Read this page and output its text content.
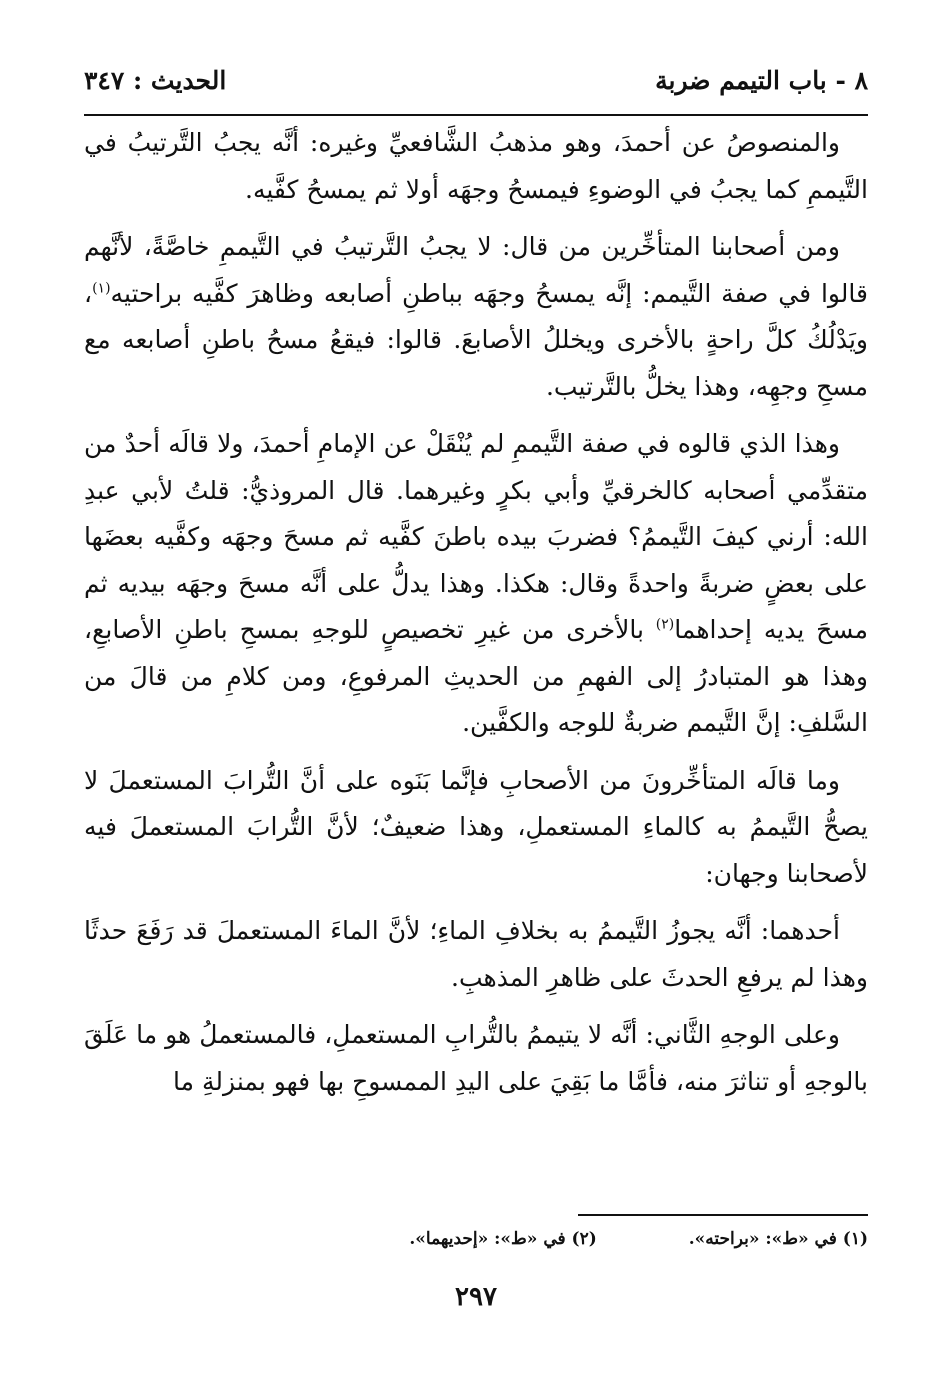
٨ - باب التيمم ضربة
الحديث : ٣٤٧

والمنصوصُ عن أحمدَ، وهو مذهبُ الشَّافعيِّ وغيره: أنَّه يجبُ التَّرتيبُ في التَّيممِ كما يجبُ في الوضوءِ فيمسحُ وجهَه أولا ثم يمسحُ كفَّيه.

ومن أصحابنا المتأخِّرين من قال: لا يجبُ التَّرتيبُ في التَّيممِ خاصَّةً، لأنَّهم قالوا في صفة التَّيمم: إنَّه يمسحُ وجهَه بباطنِ أصابعه وظاهرَ كفَّيه براحتيه$^{(١)}$، ويَدْلُكُ كلَّ راحةٍ بالأخرى ويخللُ الأصابعَ. قالوا: فيقعُ مسحُ باطنِ أصابعه مع مسحِ وجهِه، وهذا يخلُّ بالتَّرتيب.

وهذا الذي قالوه في صفة التَّيممِ لم يُنْقَلْ عن الإمامِ أحمدَ، ولا قالَه أحدٌ من متقدِّمي أصحابه كالخرقيِّ وأبي بكرٍ وغيرهما. قال المروذيُّ: قلتُ لأبي عبدِ الله: أرني كيفَ التَّيممُ؟ فضربَ بيده باطنَ كفَّيه ثم مسحَ وجهَه وكفَّيه بعضَها على بعضٍ ضربةً واحدةً وقال: هكذا. وهذا يدلُّ على أنَّه مسحَ وجهَه بيديه ثم مسحَ يديه إحداهما$^{(٢)}$ بالأخرى من غيرِ تخصيصٍ للوجهِ بمسحِ باطنِ الأصابعِ، وهذا هو المتبادرُ إلى الفهمِ من الحديثِ المرفوعِ، ومن كلامِ من قالَ من السَّلفِ: إنَّ التَّيمم ضربةٌ للوجه والكفَّين.

وما قالَه المتأخِّرونَ من الأصحابِ فإنَّما بَنَوه على أنَّ التُّرابَ المستعملَ لا يصحُّ التَّيممُ به كالماءِ المستعملِ، وهذا ضعيفٌ؛ لأنَّ التُّرابَ المستعملَ فيه لأصحابنا وجهان:

أحدهما: أنَّه يجوزُ التَّيممُ به بخلافِ الماءِ؛ لأنَّ الماءَ المستعملَ قد رَفَعَ حدثًا وهذا لم يرفعِ الحدثَ على ظاهرِ المذهبِ.

وعلى الوجهِ الثَّاني: أنَّه لا يتيممُ بالتُّرابِ المستعملِ، فالمستعملُ هو ما عَلَقَ بالوجهِ أو تناثرَ منه، فأمَّا ما بَقِيَ على اليدِ الممسوحِ بها فهو بمنزلةِ ما

(١) في «ط»: «براحته». (٢) في «ط»: «إحديهما».
٢٩٧
